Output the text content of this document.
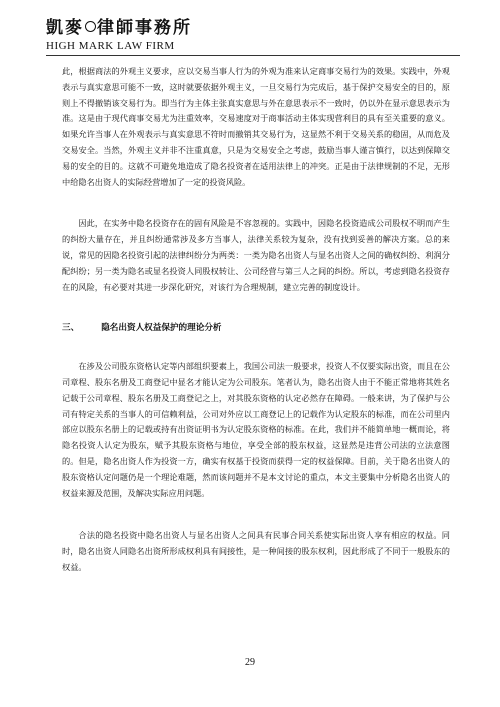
凱麥 律師事務所
HIGH MARK LAW FIRM

此，根据商法的外观主义要求，应以交易当事人行为的外观为准来认定商事交易行为的效果。实践中，外观表示与真实意思可能不一致，这时就要依据外观主义，一旦交易行为完成后，基于保护交易安全的目的，原则上不得撤销该交易行为。即当行为主体主张真实意思与外在意思表示不一致时，仍以外在显示意思表示为准。这是由于现代商事交易尤为注重效率，交易速度对于商事活动主体实现营利目的具有至关重要的意义。如果允许当事人在外观表示与真实意思不符时而撤销其交易行为，这显然不利于交易关系的稳固，从而危及交易安全。当然，外观主义并非不注重真意，只是为交易安全之考虑，鼓励当事人谨言慎行，以达到保障交易的安全的目的。这就不可避免地造成了隐名投资者在适用法律上的冲突。正是由于法律规制的不足，无形中给隐名出资人的实际经营增加了一定的投资风险。

因此，在实务中隐名投资存在的固有风险是不容忽视的。实践中，因隐名投资造成公司股权不明而产生的纠纷大量存在，并且纠纷通常涉及多方当事人，法律关系较为复杂，没有找到妥善的解决方案。总的来说，常见的因隐名投资引起的法律纠纷分为两类：一类为隐名出资人与显名出资人之间的确权纠纷、利润分配纠纷；另一类为隐名或显名投资人同股权转让、公司经营与第三人之间的纠纷。所以，考虑到隐名投资存在的风险，有必要对其进一步深化研究，对该行为合理规制，建立完善的制度设计。

三、	隐名出资人权益保护的理论分析

在涉及公司股东资格认定等内部组织要素上，我国公司法一般要求，投资人不仅要实际出资，而且在公司章程、股东名册及工商登记中显名才能认定为公司股东。笔者认为，隐名出资人由于不能正常地将其姓名记载于公司章程、股东名册及工商登记之上，对其股东资格的认定必然存在障碍。一般来讲，为了保护与公司有特定关系的当事人的可信赖利益，公司对外应以工商登记上的记载作为认定股东的标准，而在公司里内部应以股东名册上的记载或持有出资证明书为认定股东资格的标准。在此，我们并不能简单地一概而论，将隐名投资人认定为股东，赋予其股东资格与地位，享受全部的股东权益，这显然是违背公司法的立法意图的。但是，隐名出资人作为投资一方，确实有权基于投资而获得一定的权益保障。目前，关于隐名出资人的股东资格认定问题仍是一个理论难题，然而该问题并不是本文讨论的重点，本文主要集中分析隐名出资人的权益来源及范围，及解决实际应用问题。

合法的隐名投资中隐名出资人与显名出资人之间具有民事合同关系使实际出资人享有相应的权益。同时，隐名出资人同隐名出资所形成权利具有间接性，是一种间接的股东权利，因此形成了不同于一般股东的权益。

29
